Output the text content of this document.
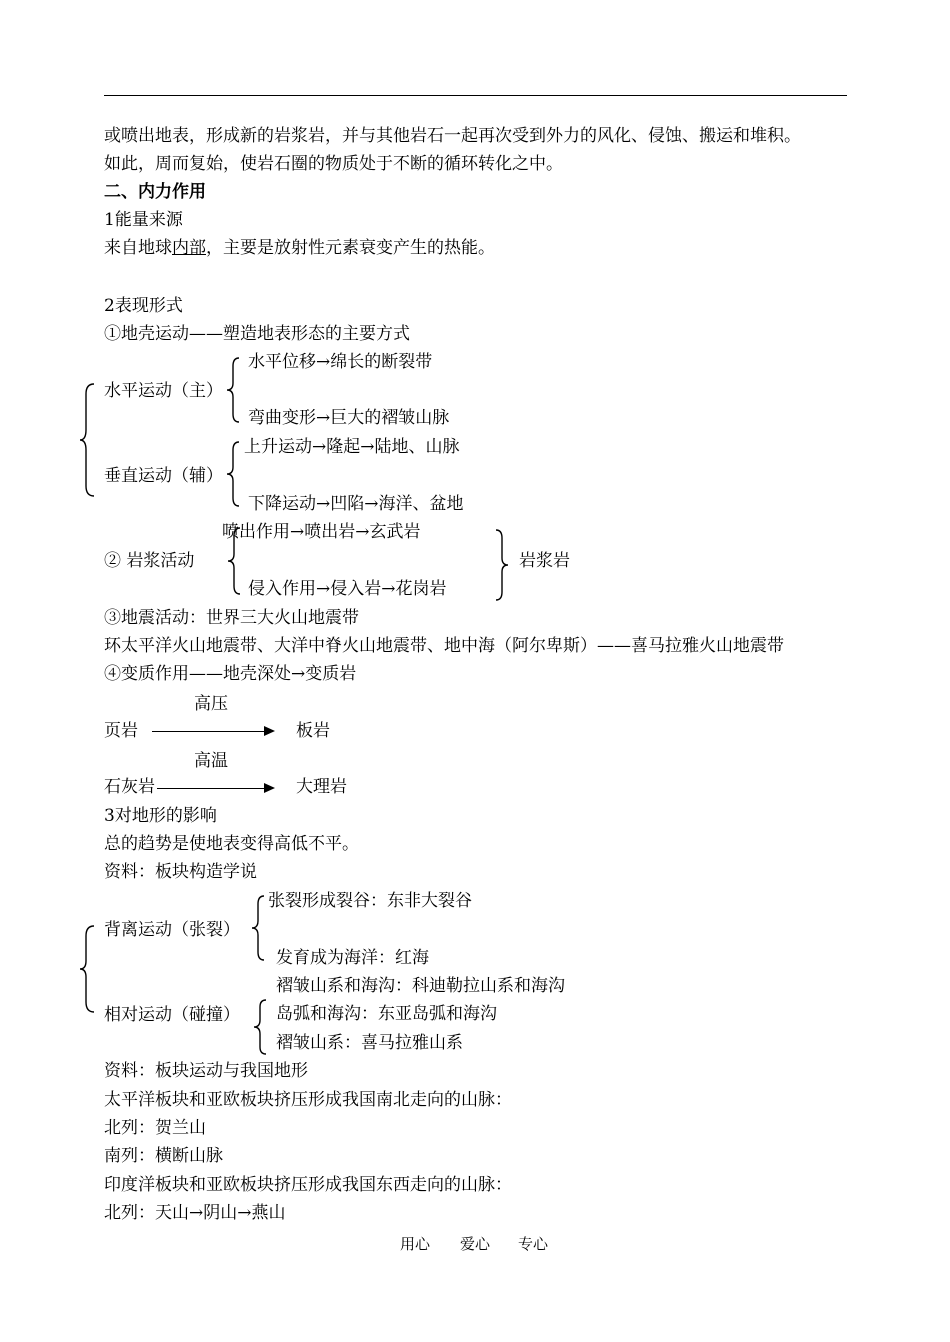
或喷出地表，形成新的岩浆岩，并与其他岩石一起再次受到外力的风化、侵蚀、搬运和堆积。
如此，周而复始，使岩石圈的物质处于不断的循环转化之中。
二、内力作用
1能量来源
来自地球内部，主要是放射性元素衰变产生的热能。
2表现形式
①地壳运动——塑造地表形态的主要方式
水平运动（主）
水平位移→绵长的断裂带
弯曲变形→巨大的褶皱山脉
垂直运动（辅）
上升运动→隆起→陆地、山脉
下降运动→凹陷→海洋、盆地
② 岩浆活动
喷出作用→喷出岩→玄武岩
侵入作用→侵入岩→花岗岩
岩浆岩
③地震活动：世界三大火山地震带
环太平洋火山地震带、大洋中脊火山地震带、地中海（阿尔卑斯）——喜马拉雅火山地震带
④变质作用——地壳深处→变质岩
高压
页岩	板岩
高温
石灰岩	大理岩
3对地形的影响
总的趋势是使地表变得高低不平。
资料：板块构造学说
背离运动（张裂）
张裂形成裂谷：东非大裂谷
发育成为海洋：红海
相对运动（碰撞）
褶皱山系和海沟：科迪勒拉山系和海沟
岛弧和海沟：东亚岛弧和海沟
褶皱山系：喜马拉雅山系
资料：板块运动与我国地形
太平洋板块和亚欧板块挤压形成我国南北走向的山脉：
北列：贺兰山
南列：横断山脉
印度洋板块和亚欧板块挤压形成我国东西走向的山脉：
北列：天山→阴山→燕山
用心 爱心 专心
